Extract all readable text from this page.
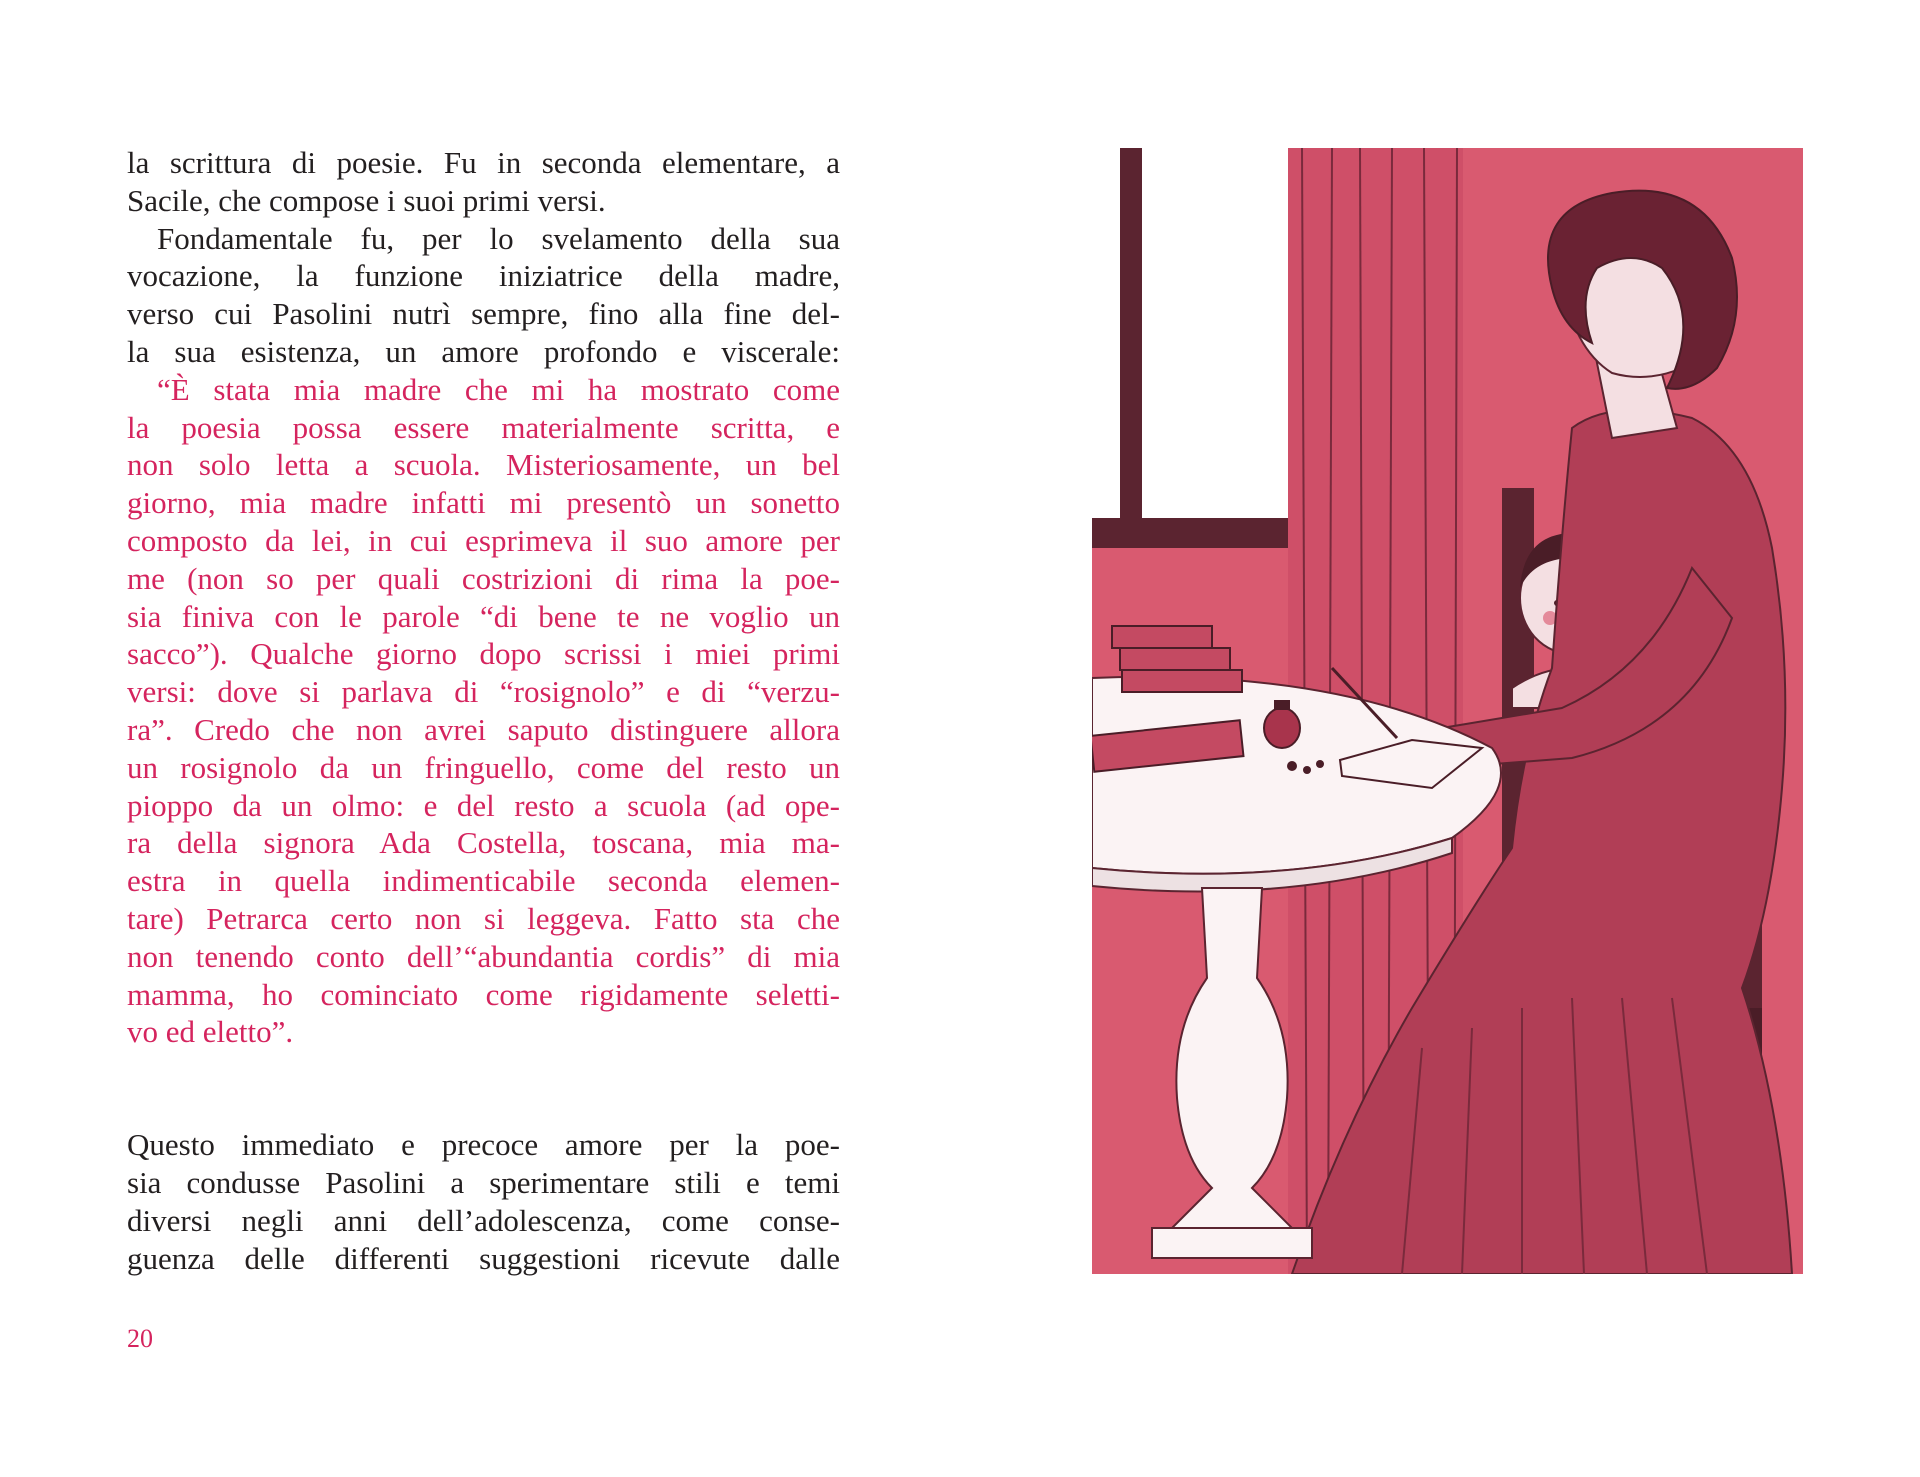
la scrittura di poesie. Fu in seconda elementare, a
Sacile, che compose i suoi primi versi.
Fondamentale fu, per lo svelamento della sua
vocazione, la funzione iniziatrice della madre,
verso cui Pasolini nutrì sempre, fino alla fine del-
la sua esistenza, un amore profondo e viscerale:
“È stata mia madre che mi ha mostrato come
la poesia possa essere materialmente scritta, e
non solo letta a scuola. Misteriosamente, un bel
giorno, mia madre infatti mi presentò un sonetto
composto da lei, in cui esprimeva il suo amore per
me (non so per quali costrizioni di rima la poe-
sia finiva con le parole “di bene te ne voglio un
sacco”). Qualche giorno dopo scrissi i miei primi
versi: dove si parlava di “rosignolo” e di “verzu-
ra”. Credo che non avrei saputo distinguere allora
un rosignolo da un fringuello, come del resto un
pioppo da un olmo: e del resto a scuola (ad ope-
ra della signora Ada Costella, toscana, mia ma-
estra in quella indimenticabile seconda elemen-
tare) Petrarca certo non si leggeva. Fatto sta che
non tenendo conto dell’“abundantia cordis” di mia
mamma, ho cominciato come rigidamente seletti-
vo ed eletto”.
Questo immediato e precoce amore per la poe-
sia condusse Pasolini a sperimentare stili e temi
diversi negli anni dell’adolescenza, come conse-
guenza delle differenti suggestioni ricevute dalle
20
